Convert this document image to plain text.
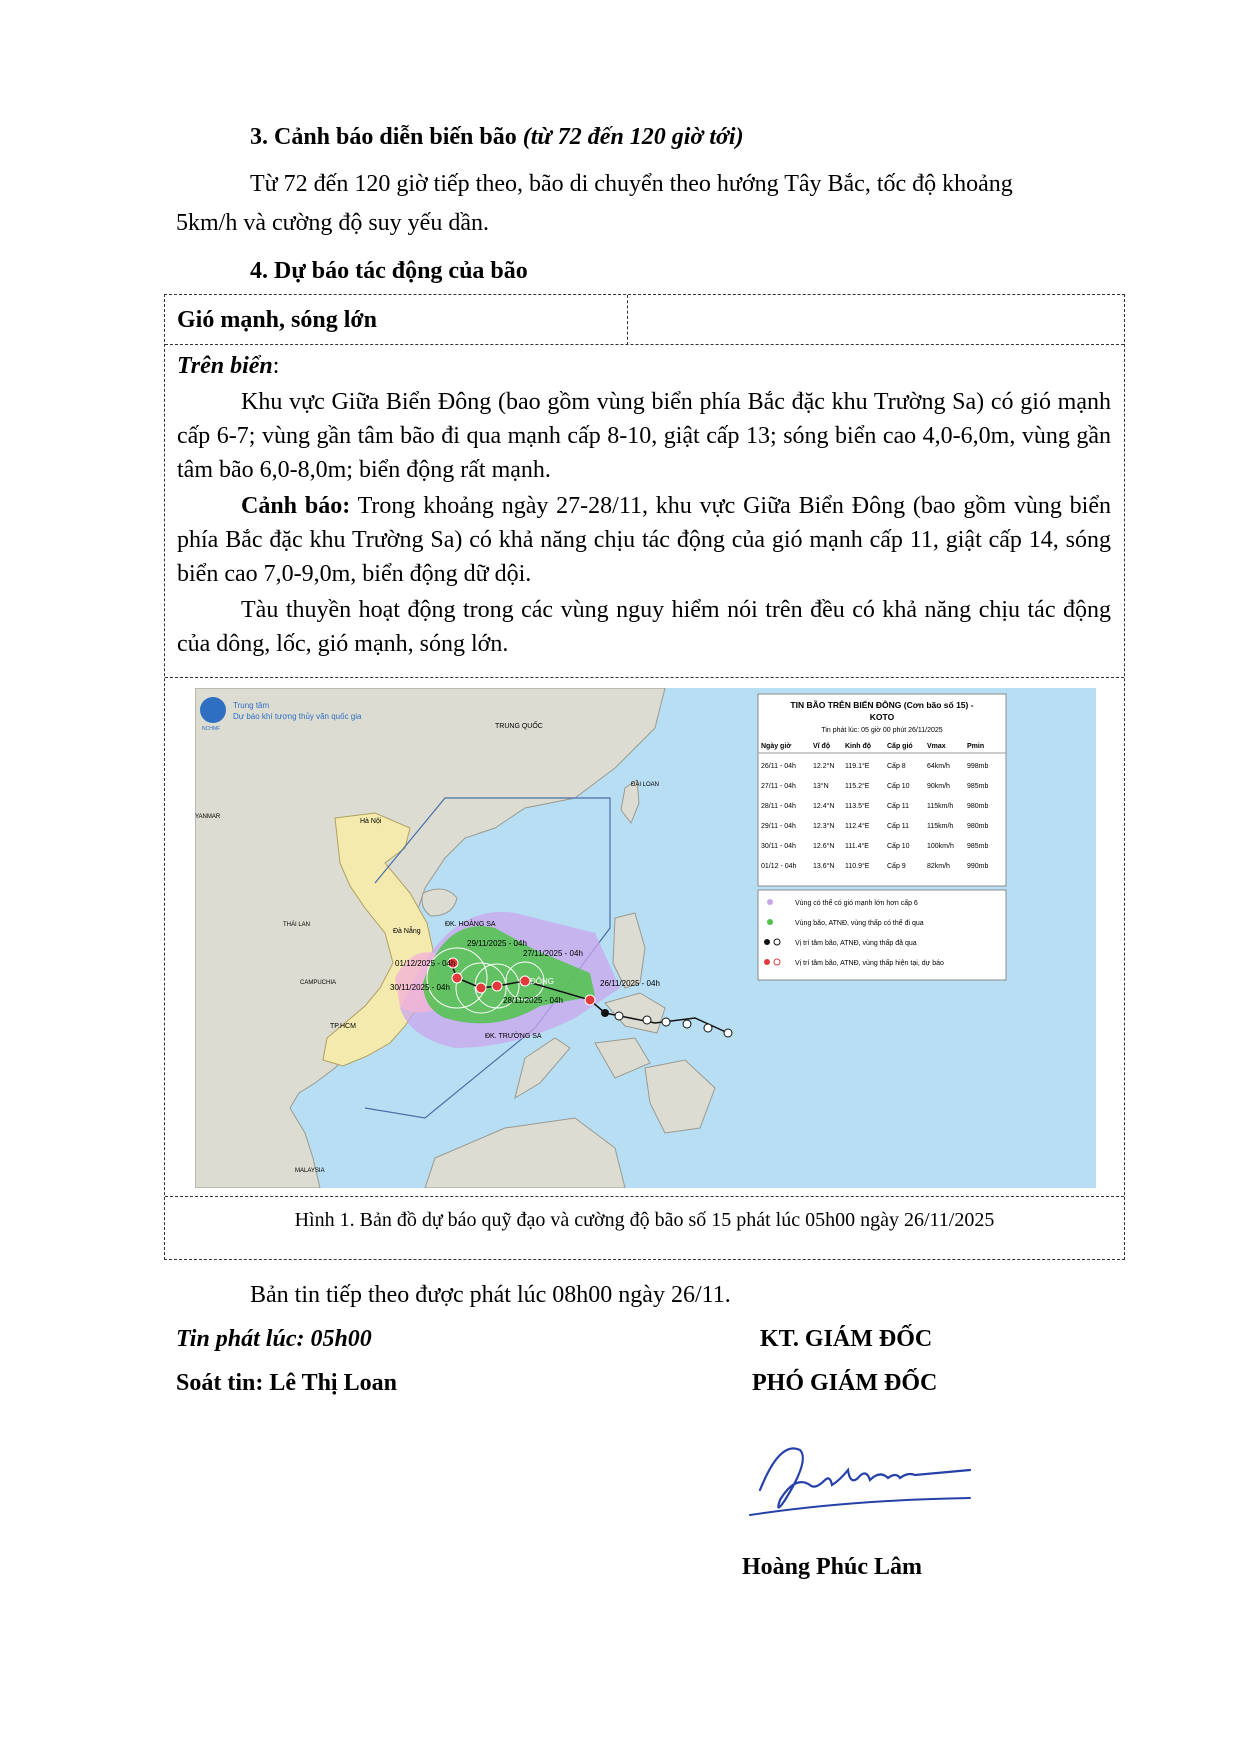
3. Cảnh báo diễn biến bão (từ 72 đến 120 giờ tới)
Từ 72 đến 120 giờ tiếp theo, bão di chuyển theo hướng Tây Bắc, tốc độ khoảng
5km/h và cường độ suy yếu dần.
4. Dự báo tác động của bão
Gió mạnh, sóng lớn
Trên biển:
Khu vực Giữa Biển Đông (bao gồm vùng biển phía Bắc đặc khu Trường Sa) có gió mạnh cấp 6-7; vùng gần tâm bão đi qua mạnh cấp 8-10, giật cấp 13; sóng biển cao 4,0-6,0m, vùng gần tâm bão 6,0-8,0m; biển động rất mạnh.
Cảnh báo: Trong khoảng ngày 27-28/11, khu vực Giữa Biển Đông (bao gồm vùng biển phía Bắc đặc khu Trường Sa) có khả năng chịu tác động của gió mạnh cấp 11, giật cấp 14, sóng biển cao 7,0-9,0m, biển động dữ dội.
Tàu thuyền hoạt động trong các vùng nguy hiểm nói trên đều có khả năng chịu tác động của dông, lốc, gió mạnh, sóng lớn.
29/11/2025 - 04h
27/11/2025 - 04h
01/12/2025 - 04h
30/11/2025 - 04h
28/11/2025 - 04h
26/11/2025 - 04h
ĐK. HOÀNG SA
ĐK. TRƯỜNG SA
ĐÔNG
TRUNG QUỐC
ĐÀI LOAN
Hà Nội
YANMAR
THÁI LAN
CAMPUCHIA
Đà Nẵng
TP.HCM
MALAYSIA
NCHMF
Trung tâm
Dự báo khí tượng thủy văn quốc gia
TIN BÃO TRÊN BIỂN ĐÔNG (Cơn bão số 15) -
KOTO
Tin phát lúc: 05 giờ 00 phút 26/11/2025
Ngày giờ	Vĩ độ Kinh độ Cấp gió Vmax	Pmin
26/11 - 04h 12.2°N 119.1°E	Cấp 8	64km/h 998mb
27/11 - 04h 13°N 115.2°E	Cấp 10 90km/h 985mb
28/11 - 04h 12.4°N 113.5°E	Cấp 11	115km/h 980mb
29/11 - 04h 12.3°N 112.4°E	Cấp 11	115km/h 980mb
30/11 - 04h 12.6°N 111.4°E	Cấp 10 100km/h 985mb
01/12 - 04h 13.6°N 110.9°E	Cấp 9	82km/h 990mb
Vùng có thể có gió mạnh lớn hơn cấp 6
Vùng bão, ATNĐ, vùng thấp có thể đi qua
Vị trí tâm bão, ATNĐ, vùng thấp đã qua
Vị trí tâm bão, ATNĐ, vùng thấp hiện tại, dự báo
Hình 1. Bản đồ dự báo quỹ đạo và cường độ bão số 15 phát lúc 05h00 ngày 26/11/2025
Bản tin tiếp theo được phát lúc 08h00 ngày 26/11.
Tin phát lúc: 05h00
Soát tin: Lê Thị Loan
KT. GIÁM ĐỐC
PHÓ GIÁM ĐỐC
Hoàng Phúc Lâm
